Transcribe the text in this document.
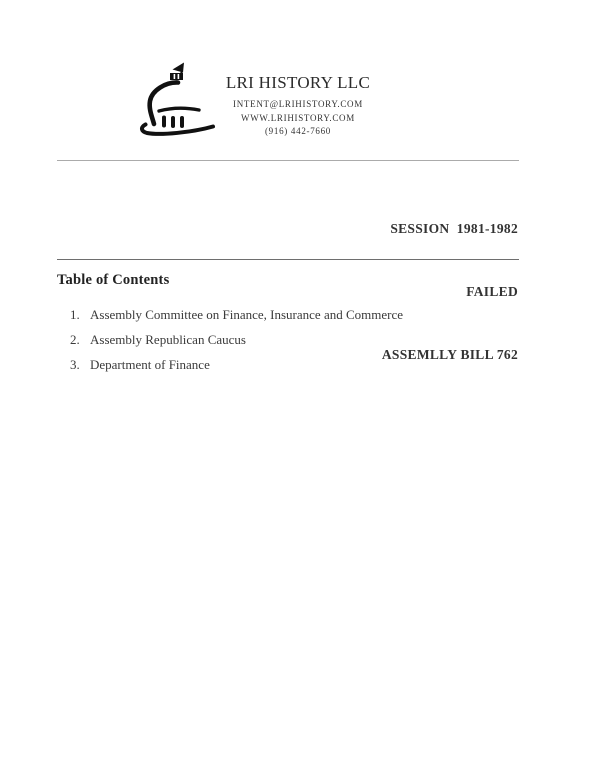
LRI HISTORY LLC
INTENT@LRIHISTORY.COM
WWW.LRIHISTORY.COM
(916) 442-7660

SESSION  1981-1982

FAILED

ASSEMLLY BILL 762

Table of Contents
1. Assembly Committee on Finance, Insurance and Commerce
2. Assembly Republican Caucus
3. Department of Finance
